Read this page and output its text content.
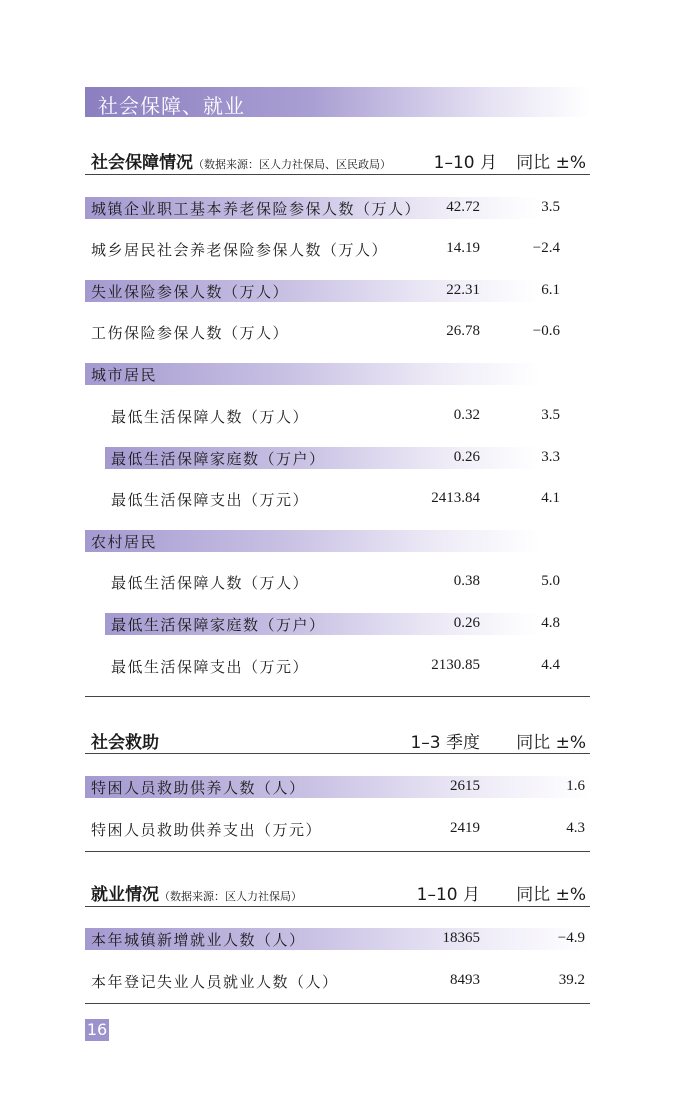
社会保障、就业
社会保障情况（数据来源：区人力社保局、区民政局）	1–10 月 同比 ±%
城镇企业职工基本养老保险参保人数（万人） 42.72	3.5
城乡居民社会养老保险参保人数（万人）	14.19	−2.4
失业保险参保人数（万人）	22.31	6.1
工伤保险参保人数（万人）	26.78	−0.6
城市居民
最低生活保障人数（万人）	0.32	3.5
最低生活保障家庭数（万户）	0.26	3.3
最低生活保障支出（万元）	2413.84	4.1
农村居民
最低生活保障人数（万人）	0.38	5.0
最低生活保障家庭数（万户）	0.26	4.8
最低生活保障支出（万元）	2130.85	4.4
社会救助	1–3 季度 同比 ±%
特困人员救助供养人数（人）	2615	1.6
特困人员救助供养支出（万元）	2419	4.3
就业情况（数据来源：区人力社保局）	1–10 月 同比 ±%
本年城镇新增就业人数（人）	18365	−4.9
本年登记失业人员就业人数（人）	8493	39.2
16
